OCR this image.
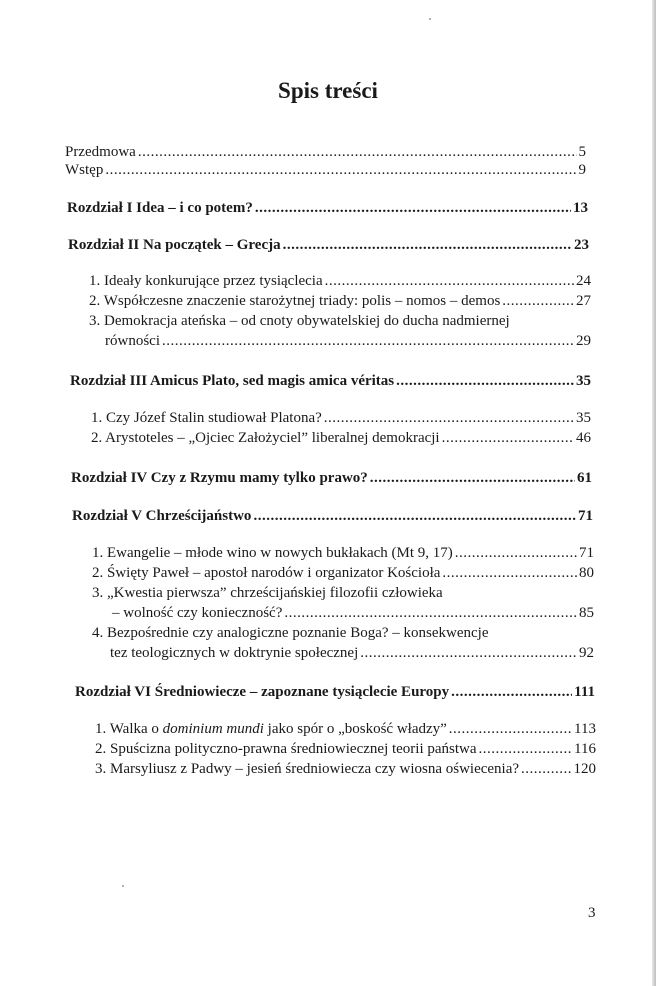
Spis treści
Przedmowa .....	5
Wstęp .....	9
Rozdział I Idea – i co potem? .....	13
Rozdział II Na początek – Grecja .....	23
1. Ideały konkurujące przez tysiąclecia .....	24
2. Współczesne znaczenie starożytnej triady: polis – nomos – demos .....	27
3. Demokracja ateńska – od cnoty obywatelskiej do ducha nadmiernej
równości .....	29
Rozdział III Amicus Plato, sed magis amica véritas .....	35
1. Czy Józef Stalin studiował Platona? .....	35
2. Arystoteles – „Ojciec Założyciel” liberalnej demokracji .....	46
Rozdział IV Czy z Rzymu mamy tylko prawo? .....	61
Rozdział V Chrześcijaństwo .....	71
1. Ewangelie – młode wino w nowych bukłakach (Mt 9, 17) .....	71
2. Święty Paweł – apostoł narodów i organizator Kościoła .....	80
3. „Kwestia pierwsza” chrześcijańskiej filozofii człowieka
– wolność czy konieczność? .....	85
4. Bezpośrednie czy analogiczne poznanie Boga? – konsekwencje
tez teologicznych w doktrynie społecznej .....	92
Rozdział VI Średniowiecze – zapoznane tysiąclecie Europy .....	111
1. Walka o dominium mundi jako spór o „boskość władzy” .....	113
2. Spuścizna polityczno-prawna średniowiecznej teorii państwa .....	116
3. Marsyliusz z Padwy – jesień średniowiecza czy wiosna oświecenia? .....	120
3
